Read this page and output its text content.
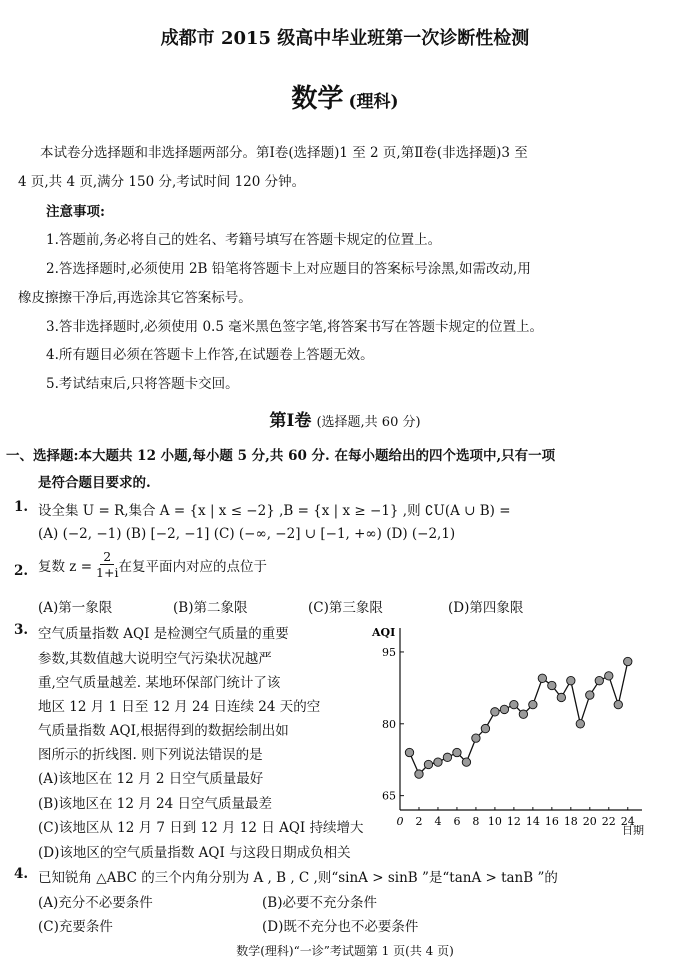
成都市 2015 级高中毕业班第一次诊断性检测
数学 (理科)
本试卷分选择题和非选择题两部分。第Ⅰ卷(选择题)1 至 2 页,第Ⅱ卷(非选择题)3 至
4 页,共 4 页,满分 150 分,考试时间 120 分钟。
注意事项:
1.答题前,务必将自己的姓名、考籍号填写在答题卡规定的位置上。
2.答选择题时,必须使用 2B 铅笔将答题卡上对应题目的答案标号涂黑,如需改动,用
橡皮擦擦干净后,再选涂其它答案标号。
3.答非选择题时,必须使用 0.5 毫米黑色签字笔,将答案书写在答题卡规定的位置上。
4.所有题目必须在答题卡上作答,在试题卷上答题无效。
5.考试结束后,只将答题卡交回。
第Ⅰ卷 (选择题,共 60 分)
一、选择题:本大题共 12 小题,每小题 5 分,共 60 分. 在每小题给出的四个选项中,只有一项
是符合题目要求的.
1. 设全集 U = R,集合 A = {x | x ≤ −2} ,B = {x | x ≥ −1} ,则 ∁U(A ∪ B) =
(A) (−2, −1) (B) [−2, −1] (C) (−∞, −2] ∪ [−1, +∞) (D) (−2,1)
2. 复数 $z = \frac{2}{1+i}$ 在复平面内对应的点位于
(A)第一象限	(B)第二象限	(C)第三象限	(D)第四象限
3. 空气质量指数 AQI 是检测空气质量的重要
参数,其数值越大说明空气污染状况越严
重,空气质量越差. 某地环保部门统计了该
地区 12 月 1 日至 12 月 24 日连续 24 天的空
气质量指数 AQI,根据得到的数据绘制出如
图所示的折线图. 则下列说法错误的是
(A)该地区在 12 月 2 日空气质量最好
(B)该地区在 12 月 24 日空气质量最差
(C)该地区从 12 月 7 日到 12 月 12 日 AQI 持续增大
(D)该地区的空气质量指数 AQI 与这段日期成负相关
AQI
日期
0 2 4 6 8 10 12 14 16 18 20 22 24
65
80
95
4. 已知锐角 △ABC 的三个内角分别为 A , B , C ,则“sinA > sinB ”是“tanA > tanB ”的
(A)充分不必要条件	(B)必要不充分条件
(C)充要条件	(D)既不充分也不必要条件
数学(理科)“一诊”考试题第 1 页(共 4 页)
